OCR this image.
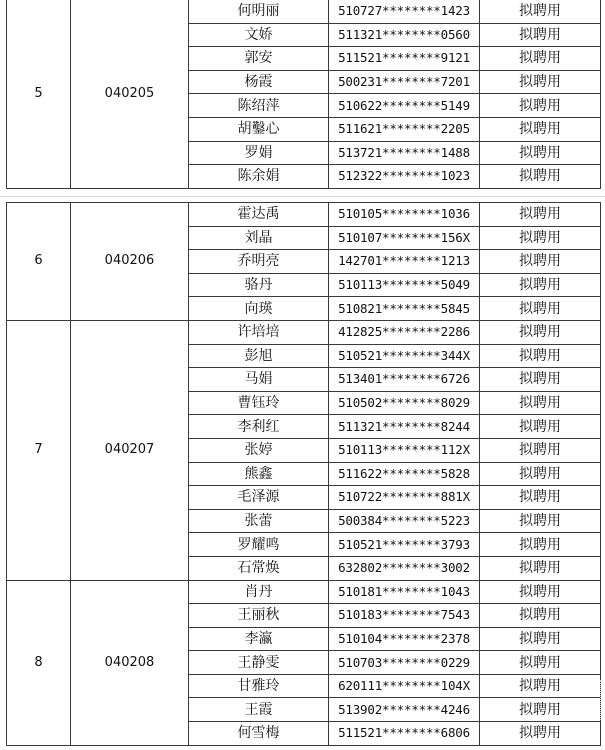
5	040205	何明丽	510727********1423	拟聘用
		文娇	511321********0560	拟聘用
		郭安	511521********9121	拟聘用
		杨霞	500231********7201	拟聘用
		陈绍萍	510622********5149	拟聘用
		胡鑿心	511621********2205	拟聘用
		罗娟	513721********1488	拟聘用
		陈余娟	512322********1023	拟聘用
6	040206	霍达禹	510105********1036	拟聘用
		刘晶	510107********156X	拟聘用
		乔明亮	142701********1213	拟聘用
		骆丹	510113********5049	拟聘用
		向瑛	510821********5845	拟聘用
7	040207	许培培	412825********2286	拟聘用
		彭旭	510521********344X	拟聘用
		马娟	513401********6726	拟聘用
		曹钰玲	510502********8029	拟聘用
		李利红	511321********8244	拟聘用
		张婷	510113********112X	拟聘用
		熊鑫	511622********5828	拟聘用
		毛泽源	510722********881X	拟聘用
		张蕾	500384********5223	拟聘用
		罗耀鸣	510521********3793	拟聘用
		石常焕	632802********3002	拟聘用
8	040208	肖丹	510181********1043	拟聘用
		王丽秋	510183********7543	拟聘用
		李瀛	510104********2378	拟聘用
		王静雯	510703********0229	拟聘用
		甘雅玲	620111********104X	拟聘用
		王霞	513902********4246	拟聘用
		何雪梅	511521********6806	拟聘用
